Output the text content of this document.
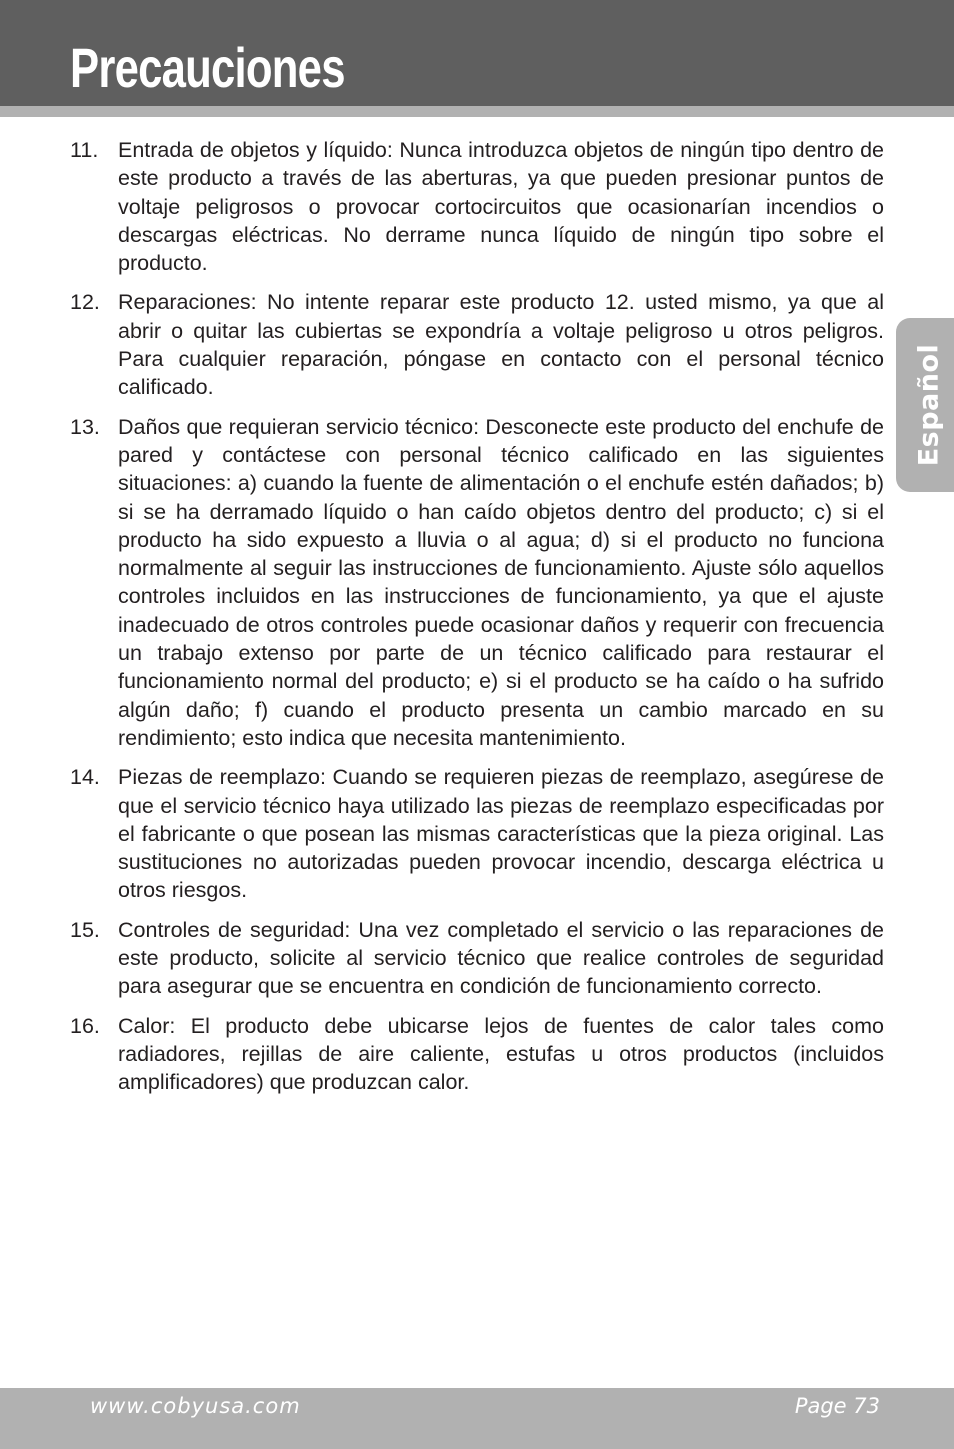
Precauciones
Español
11. Entrada de objetos y líquido: Nunca introduzca objetos de ningún tipo dentro de este producto a través de las aberturas, ya que pueden presionar puntos de voltaje peligrosos o provocar cortocircuitos que ocasionarían incendios o descargas eléctricas. No derrame nunca líquido de ningún tipo sobre el producto.
12. Reparaciones: No intente reparar este producto 12. usted mismo, ya que al abrir o quitar las cubiertas se expondría a voltaje peligroso u otros peligros. Para cualquier reparación, póngase en contacto con el personal técnico calificado.
13. Daños que requieran servicio técnico: Desconecte este producto del enchufe de pared y contáctese con personal técnico calificado en las siguientes situaciones: a) cuando la fuente de alimentación o el enchufe estén dañados; b) si se ha derramado líquido o han caído objetos dentro del producto; c) si el producto ha sido expuesto a lluvia o al agua; d) si el producto no funciona normalmente al seguir las instrucciones de funcionamiento. Ajuste sólo aquellos controles incluidos en las instrucciones de funcionamiento, ya que el ajuste inadecuado de otros controles puede ocasionar daños y requerir con frecuencia un trabajo extenso por parte de un técnico calificado para restaurar el funcionamiento normal del producto; e) si el producto se ha caído o ha sufrido algún daño; f) cuando el producto presenta un cambio marcado en su rendimiento; esto indica que necesita mantenimiento.
14. Piezas de reemplazo: Cuando se requieren piezas de reemplazo, asegúrese de que el servicio técnico haya utilizado las piezas de reemplazo especificadas por el fabricante o que posean las mismas características que la pieza original. Las sustituciones no autorizadas pueden provocar incendio, descarga eléctrica u otros riesgos.
15. Controles de seguridad: Una vez completado el servicio o las reparaciones de este producto, solicite al servicio técnico que realice controles de seguridad para asegurar que se encuentra en condición de funcionamiento correcto.
16. Calor: El producto debe ubicarse lejos de fuentes de calor tales como radiadores, rejillas de aire caliente, estufas u otros productos (incluidos amplificadores) que produzcan calor.
www.cobyusa.com	Page 73
